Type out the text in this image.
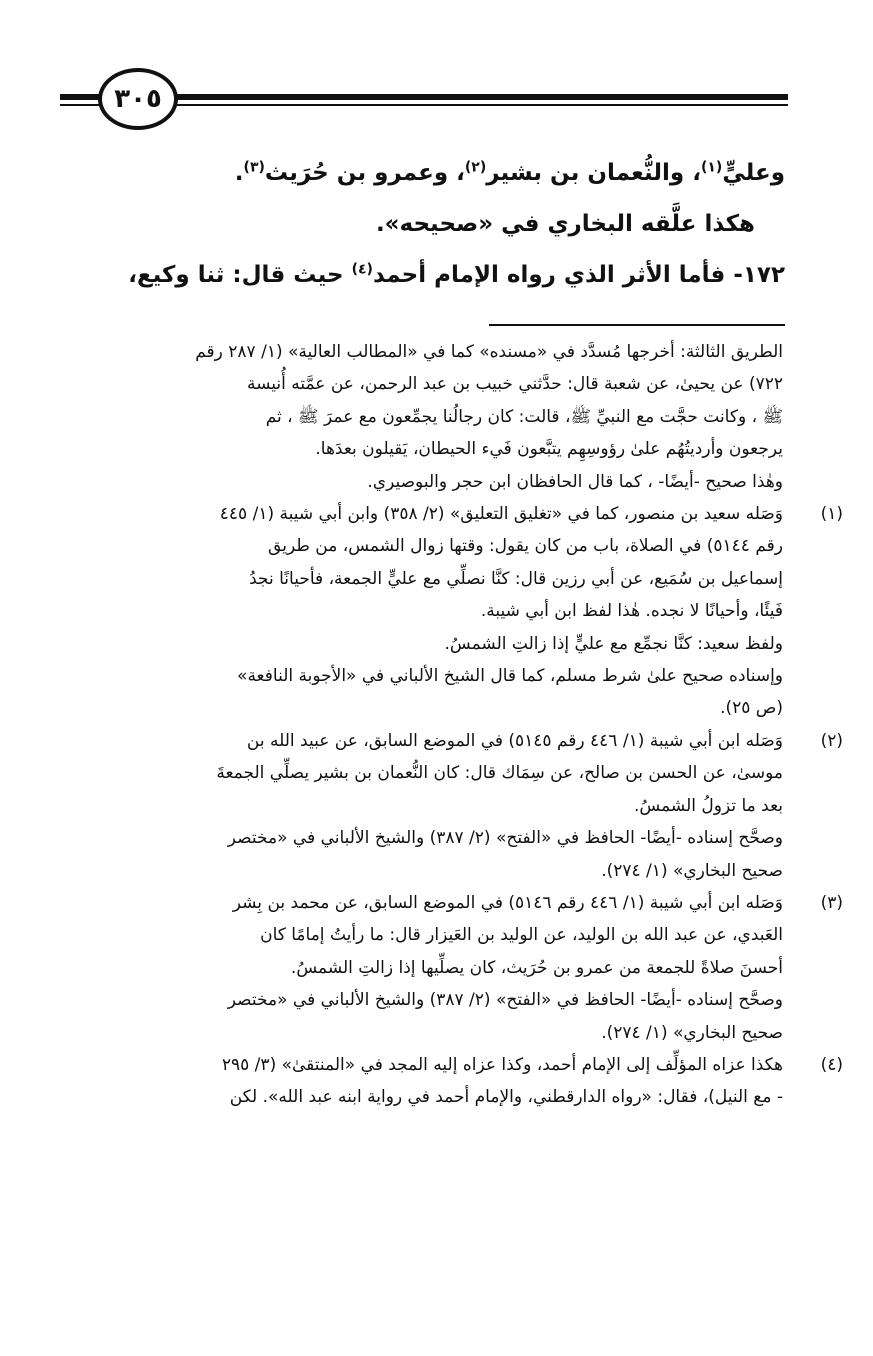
٣٠٥

وعليٍّ$^{(١)}$، والنُّعمان بن بشير$^{(٢)}$، وعمرو بن حُرَيث$^{(٣)}$.

هكذا علَّقه البخاري في «صحيحه».

١٧٢- فأما الأثر الذي رواه الإمام أحمد$^{(٤)}$ حيث قال: ثنا وكيع،

الطريق الثالثة: أخرجها مُسدَّد في «مسنده» كما في «المطالب العالية» (١/ ٢٨٧ رقم

٧٢٢) عن يحيىٰ، عن شعبة قال: حدَّثني خبيب بن عبد الرحمن، عن عمَّته أُنيسة

ﷺ ، وكانت حجَّت مع النبيِّ ﷺ، قالت: كان رجالُنا يجمِّعون مع عمرَ ﷺ ، ثم

يرجعون وأرديتُهُم علىٰ رؤوسِهِم يتبَّعون فَيء الحيطان، يَقيلون بعدَها.

وهٰذا صحيح -أيضًا- ، كما قال الحافظان ابن حجر والبوصيري.

(١)

وَصَله سعيد بن منصور، كما في «تغليق التعليق» (٢/ ٣٥٨) وابن أبي شيبة (١/ ٤٤٥

رقم ٥١٤٤) في الصلاة، باب من كان يقول: وقتها زوال الشمس، من طريق

إسماعيل بن سُمَيع، عن أبي رزين قال: كنَّا نصلِّي مع عليٍّ الجمعة، فأحيانًا نجدُ

فَيئًا، وأحيانًا لا نجده. هٰذا لفظ ابن أبي شيبة.

ولفظ سعيد: كنَّا نجمِّع مع عليٍّ إذا زالتِ الشمسُ.

وإسناده صحيح علىٰ شرط مسلم، كما قال الشيخ الألباني في «الأجوبة النافعة»

(ص ٢٥).

(٢)

وَصَله ابن أبي شيبة (١/ ٤٤٦ رقم ٥١٤٥) في الموضع السابق، عن عبيد الله بن

موسىٰ، عن الحسن بن صالح، عن سِمَاك قال: كان النُّعمان بن بشير يصلِّي الجمعةَ

بعد ما تزولُ الشمسُ.

وصحَّح إسناده -أيضًا- الحافظ في «الفتح» (٢/ ٣٨٧) والشيخ الألباني في «مختصر

صحيح البخاري» (١/ ٢٧٤).

(٣)

وَصَله ابن أبي شيبة (١/ ٤٤٦ رقم ٥١٤٦) في الموضع السابق، عن محمد بن بِشر

العَبدي، عن عبد الله بن الوليد، عن الوليد بن العَيزار قال: ما رأيتُ إمامًا كان

أحسنَ صلاةً للجمعة من عمرو بن حُرَيث، كان يصلِّيها إذا زالتِ الشمسُ.

وصحَّح إسناده -أيضًا- الحافظ في «الفتح» (٢/ ٣٨٧) والشيخ الألباني في «مختصر

صحيح البخاري» (١/ ٢٧٤).

(٤)

هكذا عزاه المؤلِّف إلى الإمام أحمد، وكذا عزاه إليه المجد في «المنتقىٰ» (٣/ ٢٩٥

- مع النيل)، فقال: «رواه الدارقطني، والإمام أحمد في رواية ابنه عبد الله». لكن
